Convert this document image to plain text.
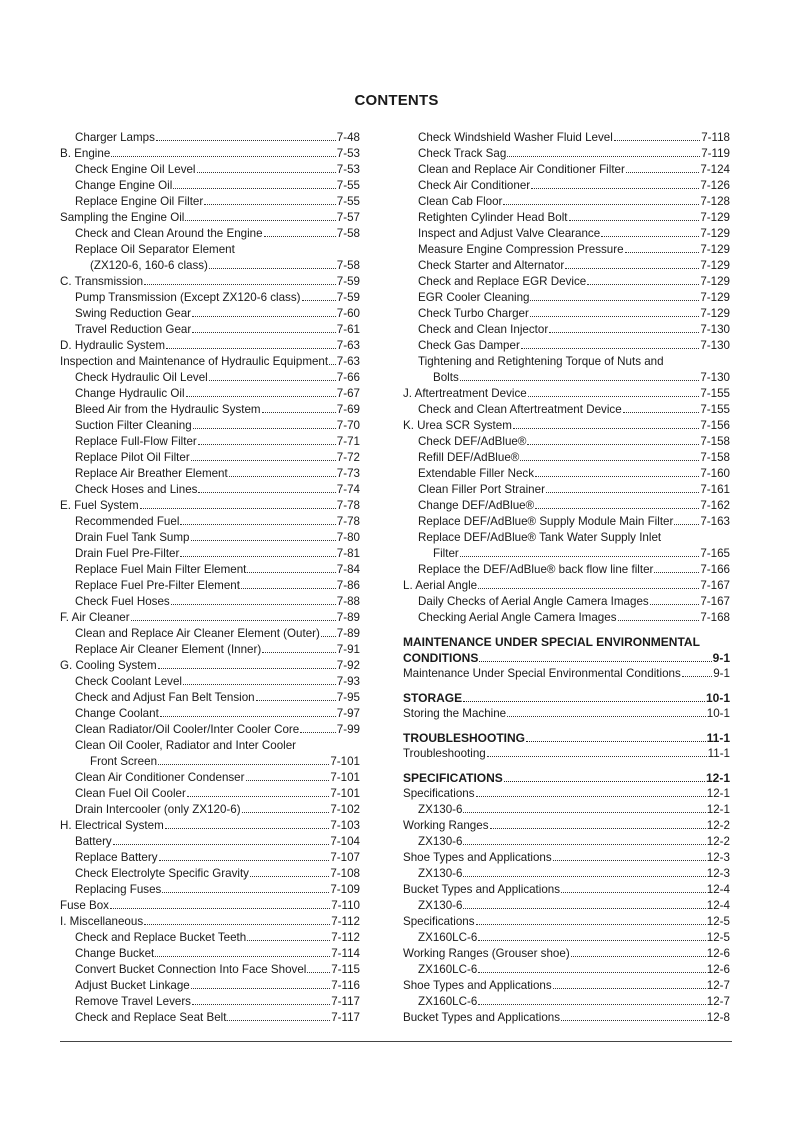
CONTENTS
Charger Lamps	7-48
B. Engine	7-53
Check Engine Oil Level	7-53
Change Engine Oil	7-55
Replace Engine Oil Filter	7-55
Sampling the Engine Oil	7-57
Check and Clean Around the Engine	7-58
Replace Oil Separator Element
(ZX120-6, 160-6 class)	7-58
C. Transmission	7-59
Pump Transmission (Except ZX120-6 class)	7-59
Swing Reduction Gear	7-60
Travel Reduction Gear	7-61
D. Hydraulic System	7-63
Inspection and Maintenance of Hydraulic Equipment 7-63
Check Hydraulic Oil Level	7-66
Change Hydraulic Oil	7-67
Bleed Air from the Hydraulic System	7-69
Suction Filter Cleaning	7-70
Replace Full-Flow Filter	7-71
Replace Pilot Oil Filter	7-72
Replace Air Breather Element	7-73
Check Hoses and Lines	7-74
E. Fuel System	7-78
Recommended Fuel	7-78
Drain Fuel Tank Sump	7-80
Drain Fuel Pre-Filter	7-81
Replace Fuel Main Filter Element	7-84
Replace Fuel Pre-Filter Element	7-86
Check Fuel Hoses	7-88
F. Air Cleaner	7-89
Clean and Replace Air Cleaner Element (Outer) 7-89
Replace Air Cleaner Element (Inner)	7-91
G. Cooling System	7-92
Check Coolant Level	7-93
Check and Adjust Fan Belt Tension	7-95
Change Coolant	7-97
Clean Radiator/Oil Cooler/Inter Cooler Core	7-99
Clean Oil Cooler, Radiator and Inter Cooler
Front Screen	7-101
Clean Air Conditioner Condenser	7-101
Clean Fuel Oil Cooler	7-101
Drain Intercooler (only ZX120-6)	7-102
H. Electrical System	7-103
Battery	7-104
Replace Battery	7-107
Check Electrolyte Specific Gravity	7-108
Replacing Fuses	7-109
Fuse Box	7-110
I. Miscellaneous	7-112
Check and Replace Bucket Teeth	7-112
Change Bucket	7-114
Convert Bucket Connection Into Face Shovel 7-115
Adjust Bucket Linkage	7-116
Remove Travel Levers	7-117
Check and Replace Seat Belt	7-117
Check Windshield Washer Fluid Level	7-118
Check Track Sag	7-119
Clean and Replace Air Conditioner Filter	7-124
Check Air Conditioner	7-126
Clean Cab Floor	7-128
Retighten Cylinder Head Bolt	7-129
Inspect and Adjust Valve Clearance	7-129
Measure Engine Compression Pressure	7-129
Check Starter and Alternator	7-129
Check and Replace EGR Device	7-129
EGR Cooler Cleaning	7-129
Check Turbo Charger	7-129
Check and Clean Injector	7-130
Check Gas Damper	7-130
Tightening and Retightening Torque of Nuts and
Bolts	7-130
J. Aftertreatment Device	7-155
Check and Clean Aftertreatment Device	7-155
K. Urea SCR System	7-156
Check DEF/AdBlue®	7-158
Refill DEF/AdBlue®	7-158
Extendable Filler Neck	7-160
Clean Filler Port Strainer	7-161
Change DEF/AdBlue®	7-162
Replace DEF/AdBlue® Supply Module Main Filter 7-163
Replace DEF/AdBlue® Tank Water Supply Inlet
Filter	7-165
Replace the DEF/AdBlue® back flow line filter	7-166
L. Aerial Angle	7-167
Daily Checks of Aerial Angle Camera Images	7-167
Checking Aerial Angle Camera Images	7-168
MAINTENANCE UNDER SPECIAL ENVIRONMENTAL
CONDITIONS	9-1
Maintenance Under Special Environmental Conditions	9-1
STORAGE	10-1
Storing the Machine	10-1
TROUBLESHOOTING	11-1
Troubleshooting	11-1
SPECIFICATIONS	12-1
Specifications	12-1
ZX130-6	12-1
Working Ranges	12-2
ZX130-6	12-2
Shoe Types and Applications	12-3
ZX130-6	12-3
Bucket Types and Applications	12-4
ZX130-6	12-4
Specifications	12-5
ZX160LC-6	12-5
Working Ranges (Grouser shoe)	12-6
ZX160LC-6	12-6
Shoe Types and Applications	12-7
ZX160LC-6	12-7
Bucket Types and Applications	12-8
